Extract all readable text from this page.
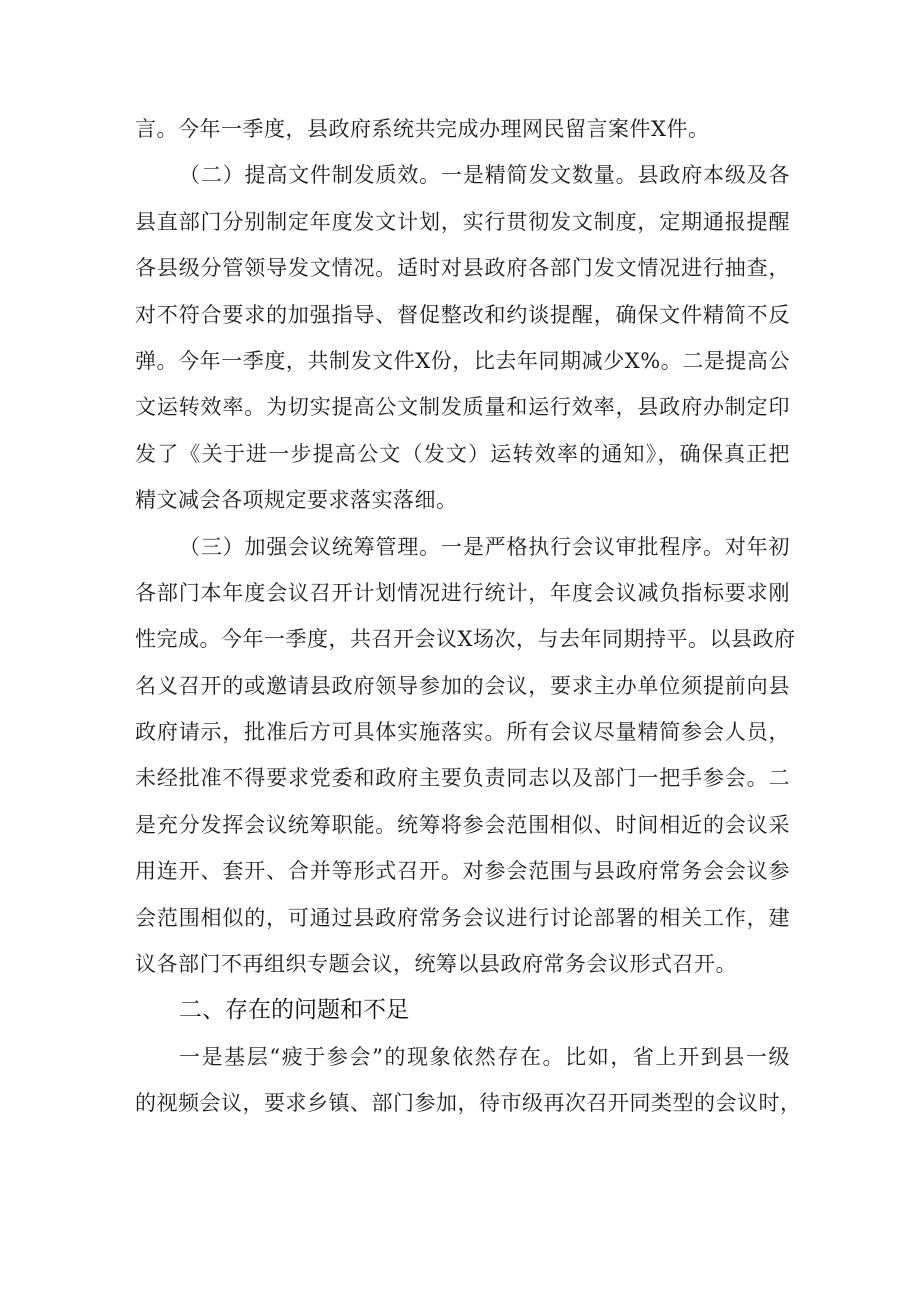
言。今年一季度，县政府系统共完成办理网民留言案件X件。
（二）提高文件制发质效。一是精简发文数量。县政府本级及各
县直部门分别制定年度发文计划，实行贯彻发文制度，定期通报提醒
各县级分管领导发文情况。适时对县政府各部门发文情况进行抽查，
对不符合要求的加强指导、督促整改和约谈提醒，确保文件精简不反
弹。今年一季度，共制发文件X份，比去年同期减少X%。二是提高公
文运转效率。为切实提高公文制发质量和运行效率，县政府办制定印
发了《关于进一步提高公文（发文）运转效率的通知》，确保真正把
精文减会各项规定要求落实落细。
（三）加强会议统筹管理。一是严格执行会议审批程序。对年初
各部门本年度会议召开计划情况进行统计，年度会议减负指标要求刚
性完成。今年一季度，共召开会议X场次，与去年同期持平。以县政府
名义召开的或邀请县政府领导参加的会议，要求主办单位须提前向县
政府请示，批准后方可具体实施落实。所有会议尽量精简参会人员，
未经批准不得要求党委和政府主要负责同志以及部门一把手参会。二
是充分发挥会议统筹职能。统筹将参会范围相似、时间相近的会议采
用连开、套开、合并等形式召开。对参会范围与县政府常务会会议参
会范围相似的，可通过县政府常务会议进行讨论部署的相关工作，建
议各部门不再组织专题会议，统筹以县政府常务会议形式召开。
二、存在的问题和不足
一是基层“疲于参会”的现象依然存在。比如，省上开到县一级
的视频会议，要求乡镇、部门参加，待市级再次召开同类型的会议时，
